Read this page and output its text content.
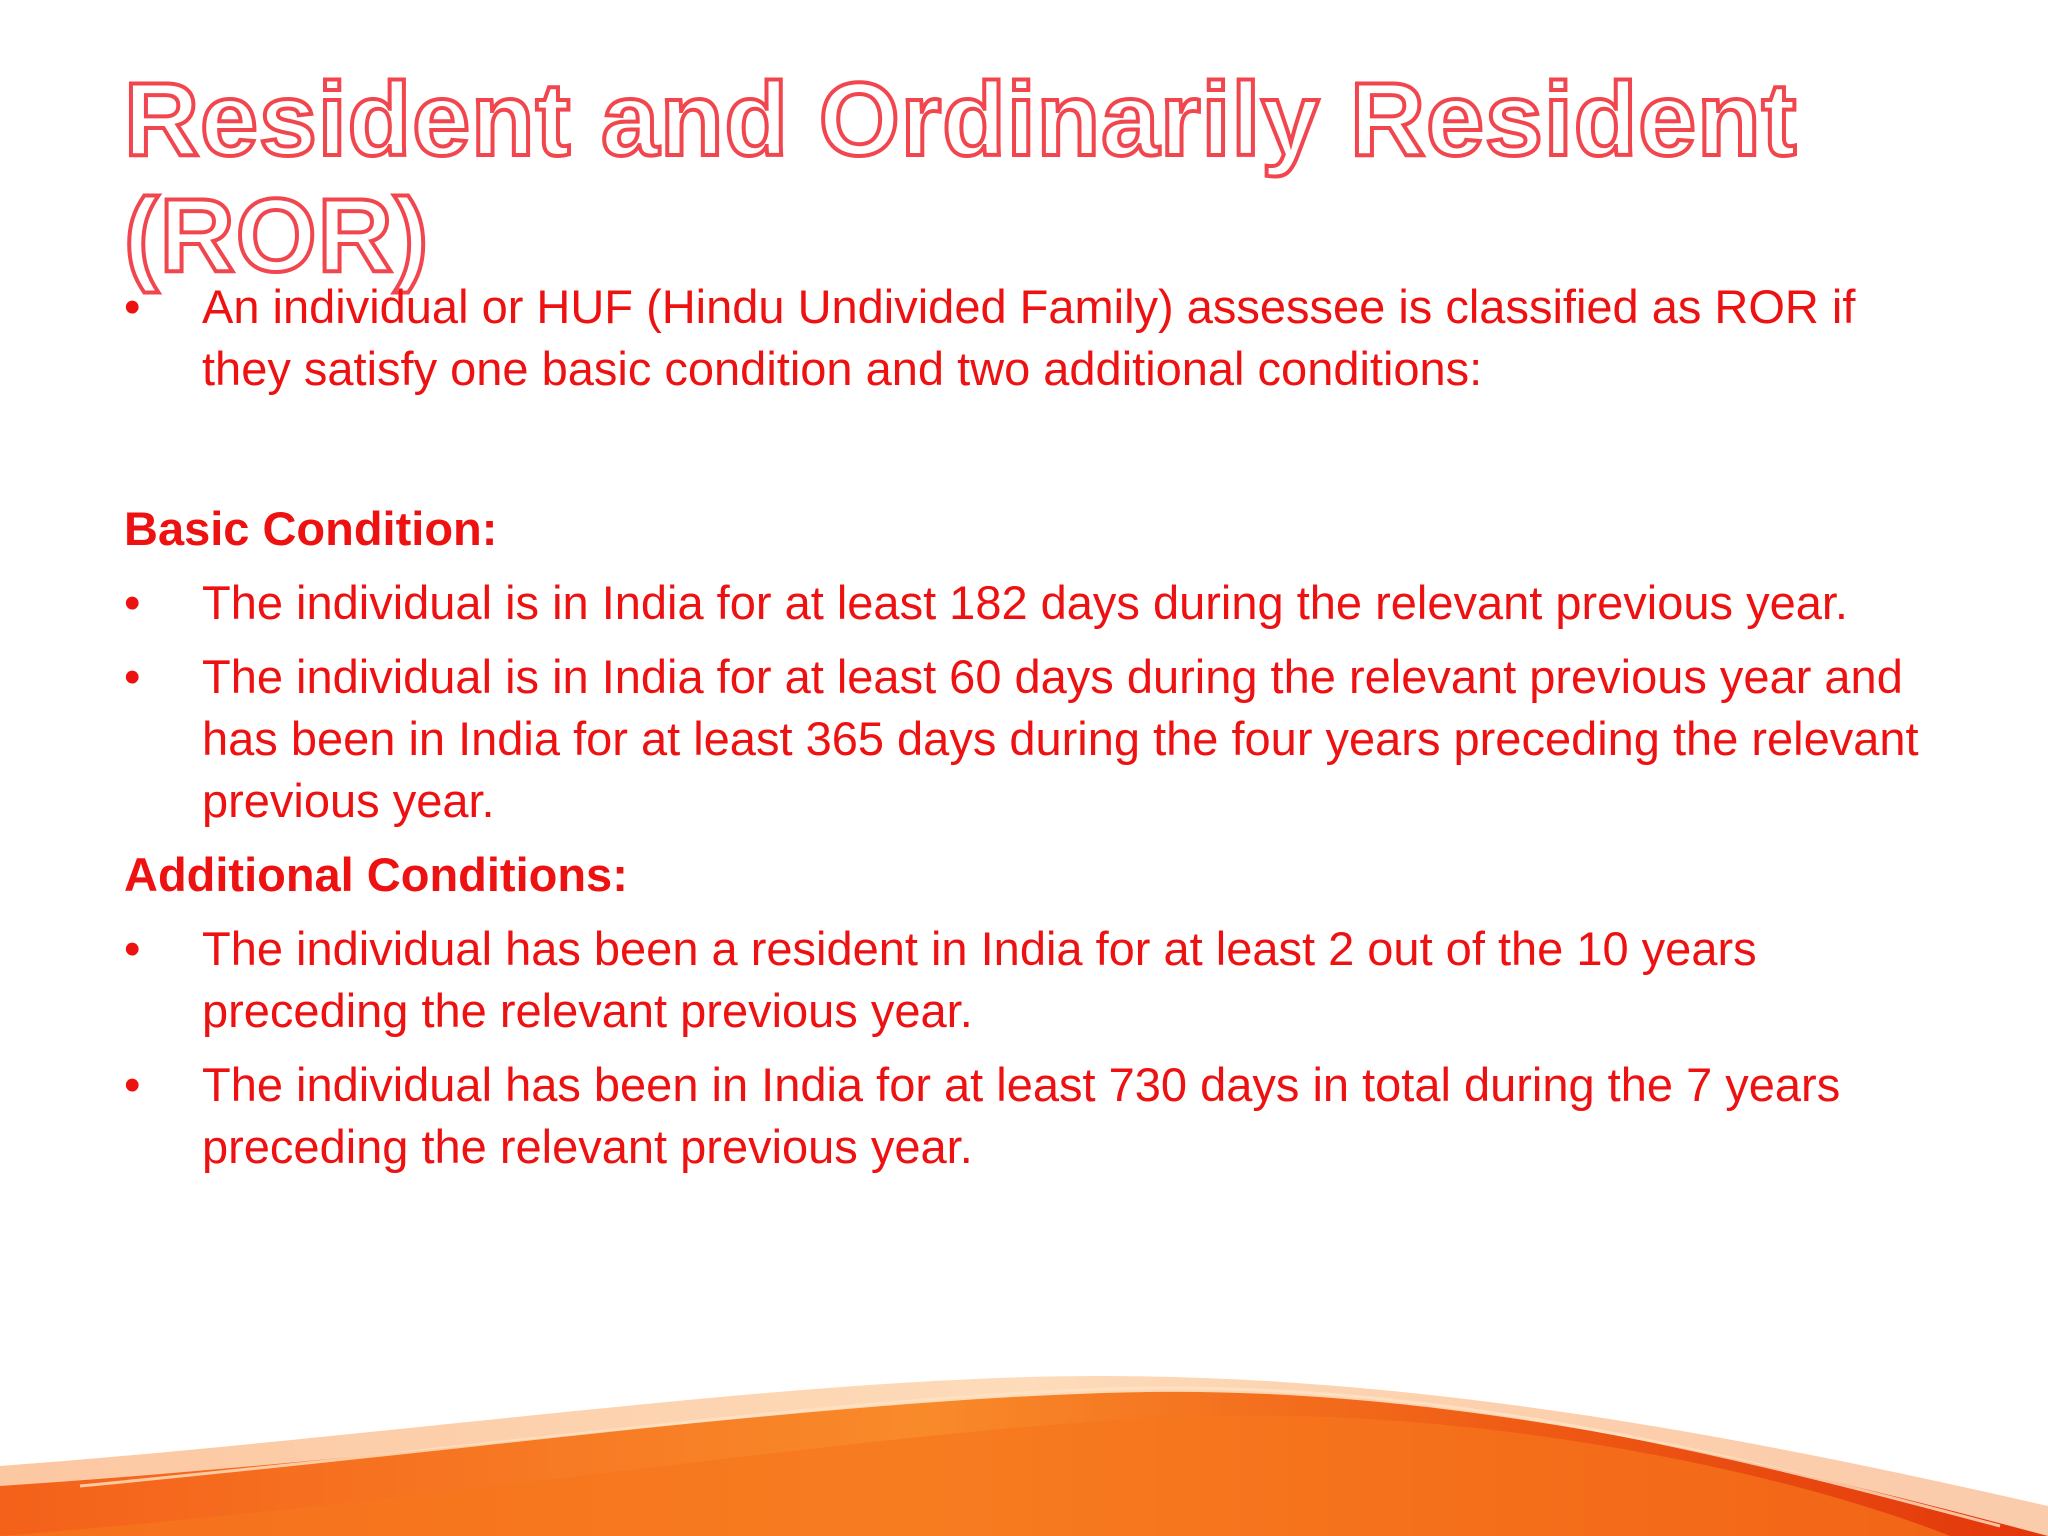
Resident and Ordinarily Resident (ROR)
•	An individual or HUF (Hindu Undivided Family) assessee is classified as ROR if they satisfy one basic condition and two additional conditions:
Basic Condition:
•	The individual is in India for at least 182 days during the relevant previous year.
•	The individual is in India for at least 60 days during the relevant previous year and has been in India for at least 365 days during the four years preceding the relevant previous year.
Additional Conditions:
•	The individual has been a resident in India for at least 2 out of the 10 years preceding the relevant previous year.
•	The individual has been in India for at least 730 days in total during the 7 years preceding the relevant previous year.
